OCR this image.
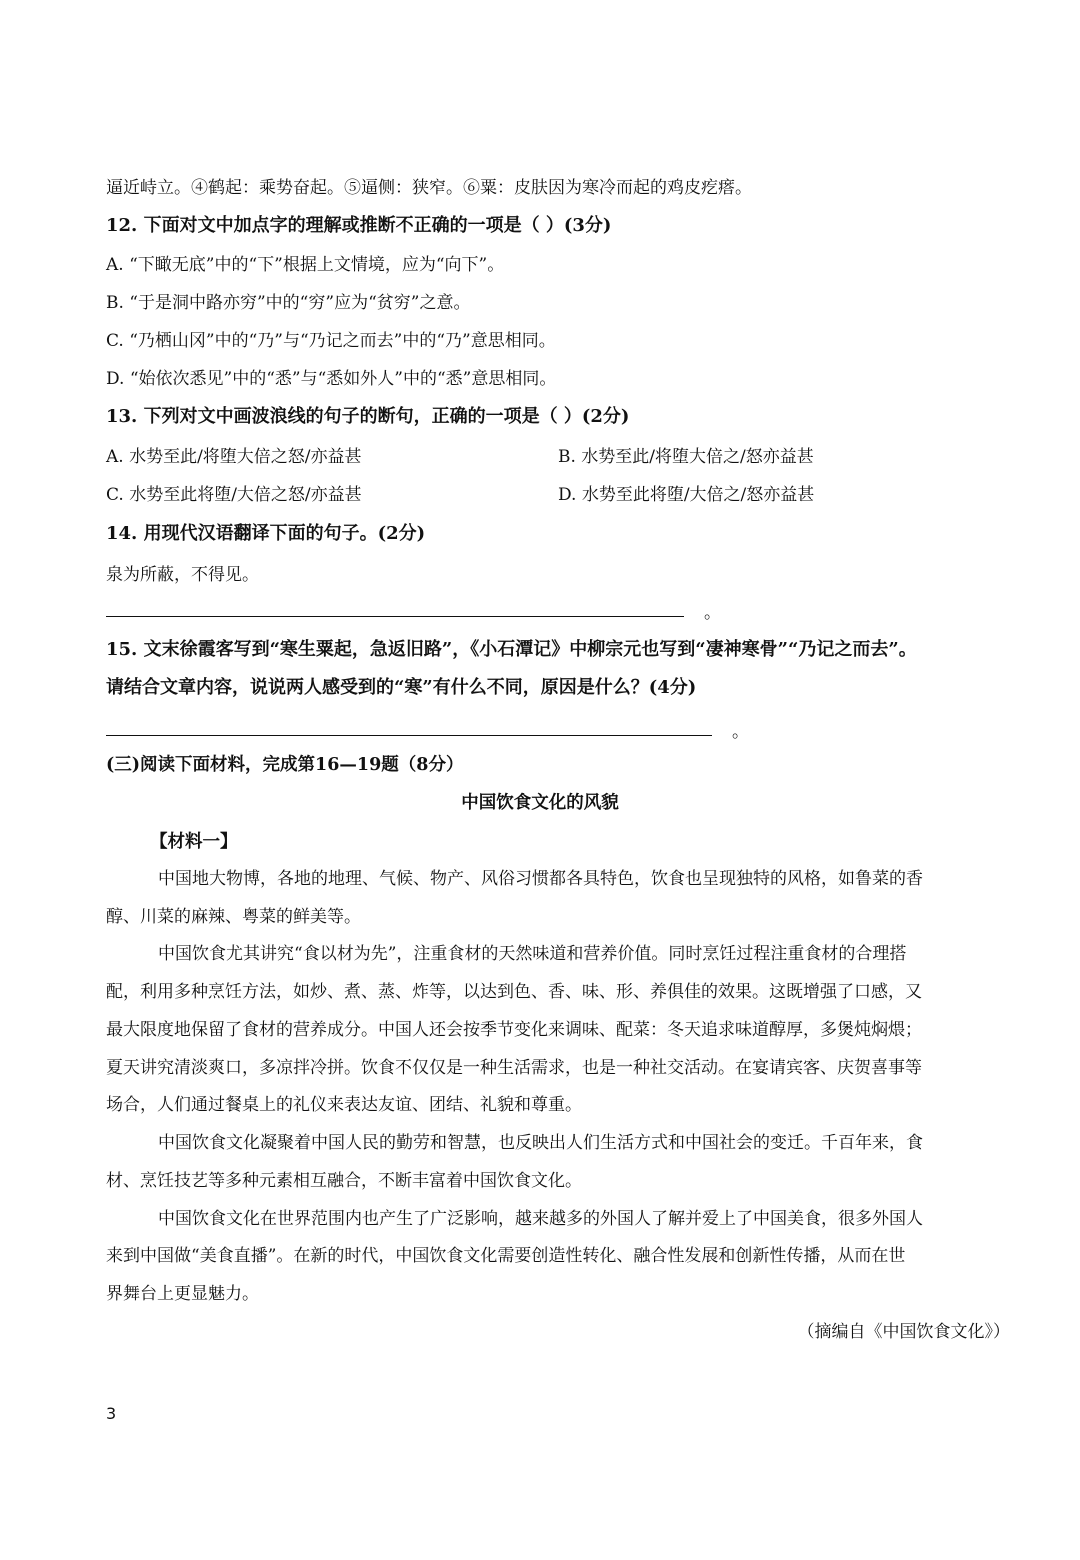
逼近峙立。④鹤起：乘势奋起。⑤逼侧：狭窄。⑥粟：皮肤因为寒冷而起的鸡皮疙瘩。
12. 下面对文中加点字的理解或推断不正确的一项是（ ）(3分)
A. “下瞰无底”中的“下”根据上文情境，应为“向下”。
B. “于是洞中路亦穷”中的“穷”应为“贫穷”之意。
C. “乃栖山冈”中的“乃”与“乃记之而去”中的“乃”意思相同。
D. “始依次悉见”中的“悉”与“悉如外人”中的“悉”意思相同。
13. 下列对文中画波浪线的句子的断句，正确的一项是（ ）(2分)
A. 水势至此/将堕大倍之怒/亦益甚	B. 水势至此/将堕大倍之/怒亦益甚
C. 水势至此将堕/大倍之怒/亦益甚	D. 水势至此将堕/大倍之/怒亦益甚
14. 用现代汉语翻译下面的句子。(2分)
泉为所蔽，不得见。
。
15. 文末徐霞客写到“寒生粟起，急返旧路”，《小石潭记》中柳宗元也写到“凄神寒骨”“乃记之而去”。
请结合文章内容，说说两人感受到的“寒”有什么不同，原因是什么？(4分)
。
(三)阅读下面材料，完成第16—19题（8分）
中国饮食文化的风貌
【材料一】
中国地大物博，各地的地理、气候、物产、风俗习惯都各具特色，饮食也呈现独特的风格，如鲁菜的香
醇、川菜的麻辣、粤菜的鲜美等。
中国饮食尤其讲究“食以材为先”，注重食材的天然味道和营养价值。同时烹饪过程注重食材的合理搭
配，利用多种烹饪方法，如炒、煮、蒸、炸等，以达到色、香、味、形、养俱佳的效果。这既增强了口感，又
最大限度地保留了食材的营养成分。中国人还会按季节变化来调味、配菜：冬天追求味道醇厚，多煲炖焖煨；
夏天讲究清淡爽口，多凉拌冷拼。饮食不仅仅是一种生活需求，也是一种社交活动。在宴请宾客、庆贺喜事等
场合，人们通过餐桌上的礼仪来表达友谊、团结、礼貌和尊重。
中国饮食文化凝聚着中国人民的勤劳和智慧，也反映出人们生活方式和中国社会的变迁。千百年来，食
材、烹饪技艺等多种元素相互融合，不断丰富着中国饮食文化。
中国饮食文化在世界范围内也产生了广泛影响，越来越多的外国人了解并爱上了中国美食，很多外国人
来到中国做“美食直播”。在新的时代，中国饮食文化需要创造性转化、融合性发展和创新性传播，从而在世
界舞台上更显魅力。
（摘编自《中国饮食文化》）
3
